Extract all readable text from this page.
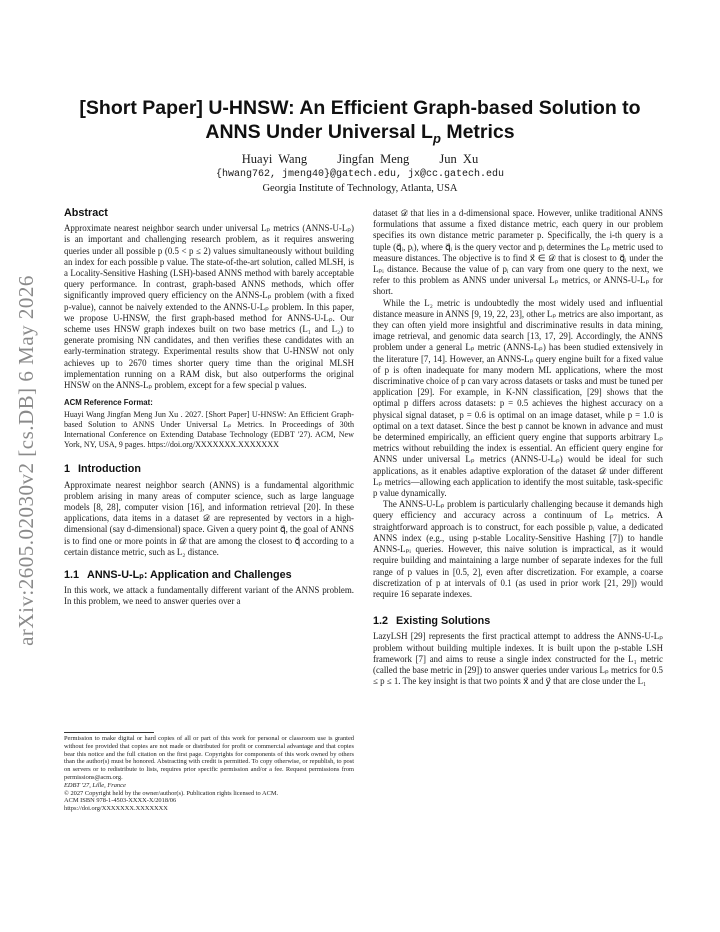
arXiv:2605.02030v2 [cs.DB] 6 May 2026
[Short Paper] U-HNSW: An Efficient Graph-based Solution to
ANNS Under Universal $L_p$ Metrics
Huayi Wang Jingfan Meng Jun Xu
{hwang762, jmeng40}@gatech.edu, jx@cc.gatech.edu
Georgia Institute of Technology, Atlanta, USA
Abstract

Approximate nearest neighbor search under universal Lₚ metrics (ANNS-U-Lₚ) is an important and challenging research problem, as it requires answering queries under all possible p (0.5 < p ≤ 2) values simultaneously without building an index for each possible p value. The state-of-the-art solution, called MLSH, is a Locality-Sensitive Hashing (LSH)-based ANNS method with barely acceptable query performance. In contrast, graph-based ANNS methods, which offer significantly improved query efficiency on the ANNS-Lₚ problem (with a fixed p-value), cannot be naively extended to the ANNS-U-Lₚ problem. In this paper, we propose U-HNSW, the first graph-based method for ANNS-U-Lₚ. Our scheme uses HNSW graph indexes built on two base metrics (L₁ and L₂) to generate promising NN candidates, and then verifies these candidates with an early-termination strategy. Experimental results show that U-HNSW not only achieves up to 2670 times shorter query time than the original MLSH implementation running on a RAM disk, but also outperforms the original HNSW on the ANNS-Lₚ problem, except for a few special p values.

ACM Reference Format:

Huayi Wang Jingfan Meng Jun Xu . 2027. [Short Paper] U-HNSW: An Efficient Graph-based Solution to ANNS Under Universal Lₚ Metrics. In Proceedings of 30th International Conference on Extending Database Technology (EDBT '27). ACM, New York, NY, USA, 9 pages. https://doi.org/XXXXXXX.XXXXXXX

1 Introduction

Approximate nearest neighbor search (ANNS) is a fundamental algorithmic problem arising in many areas of computer science, such as large language models [8, 28], computer vision [16], and information retrieval [20]. In these applications, data items in a dataset 𝒟 are represented by vectors in a high-dimensional (say d-dimensional) space. Given a query point q⃗, the goal of ANNS is to find one or more points in 𝒟 that are among the closest to q⃗ according to a certain distance metric, such as L₂ distance.

1.1 ANNS-U-Lₚ: Application and Challenges

In this work, we attack a fundamentally different variant of the ANNS problem. In this problem, we need to answer queries over a

Permission to make digital or hard copies of all or part of this work for personal or classroom use is granted without fee provided that copies are not made or distributed for profit or commercial advantage and that copies bear this notice and the full citation on the first page. Copyrights for components of this work owned by others than the author(s) must be honored. Abstracting with credit is permitted. To copy otherwise, or republish, to post on servers or to redistribute to lists, requires prior specific permission and/or a fee. Request permissions from permissions@acm.org.

EDBT '27, Lille, France

© 2027 Copyright held by the owner/author(s). Publication rights licensed to ACM.

ACM ISBN 978-1-4503-XXXX-X/2018/06

https://doi.org/XXXXXXX.XXXXXXX

dataset 𝒟 that lies in a d-dimensional space. However, unlike traditional ANNS formulations that assume a fixed distance metric, each query in our problem specifies its own distance metric parameter p. Specifically, the i-th query is a tuple (q⃗ᵢ, pᵢ), where q⃗ᵢ is the query vector and pᵢ determines the Lₚ metric used to measure distances. The objective is to find x⃗ ∈ 𝒟 that is closest to q⃗ᵢ under the Lₚᵢ distance. Because the value of pᵢ can vary from one query to the next, we refer to this problem as ANNS under universal Lₚ metrics, or ANNS-U-Lₚ for short.

While the L₂ metric is undoubtedly the most widely used and influential distance measure in ANNS [9, 19, 22, 23], other Lₚ metrics are also important, as they can often yield more insightful and discriminative results in data mining, image retrieval, and genomic data search [13, 17, 29]. Accordingly, the ANNS problem under a general Lₚ metric (ANNS-Lₚ) has been studied extensively in the literature [7, 14]. However, an ANNS-Lₚ query engine built for a fixed value of p is often inadequate for many modern ML applications, where the most discriminative choice of p can vary across datasets or tasks and must be tuned per application [29]. For example, in K-NN classification, [29] shows that the optimal p differs across datasets: p = 0.5 achieves the highest accuracy on a physical signal dataset, p = 0.6 is optimal on an image dataset, while p = 1.0 is optimal on a text dataset. Since the best p cannot be known in advance and must be determined empirically, an efficient query engine that supports arbitrary Lₚ metrics without rebuilding the index is essential. An efficient query engine for ANNS under universal Lₚ metrics (ANNS-U-Lₚ) would be ideal for such applications, as it enables adaptive exploration of the dataset 𝒟 under different Lₚ metrics—allowing each application to identify the most suitable, task-specific p value dynamically.

The ANNS-U-Lₚ problem is particularly challenging because it demands high query efficiency and accuracy across a continuum of Lₚ metrics. A straightforward approach is to construct, for each possible pᵢ value, a dedicated ANNS index (e.g., using p-stable Locality-Sensitive Hashing [7]) to handle ANNS-Lₚᵢ queries. However, this naive solution is impractical, as it would require building and maintaining a large number of separate indexes for the full range of p values in [0.5, 2], even after discretization. For example, a coarse discretization of p at intervals of 0.1 (as used in prior work [21, 29]) would require 16 separate indexes.

1.2 Existing Solutions

LazyLSH [29] represents the first practical attempt to address the ANNS-U-Lₚ problem without building multiple indexes. It is built upon the p-stable LSH framework [7] and aims to reuse a single index constructed for the L₁ metric (called the base metric in [29]) to answer queries under various Lₚ metrics for 0.5 ≤ p ≤ 1. The key insight is that two points x⃗ and y⃗ that are close under the L₁
